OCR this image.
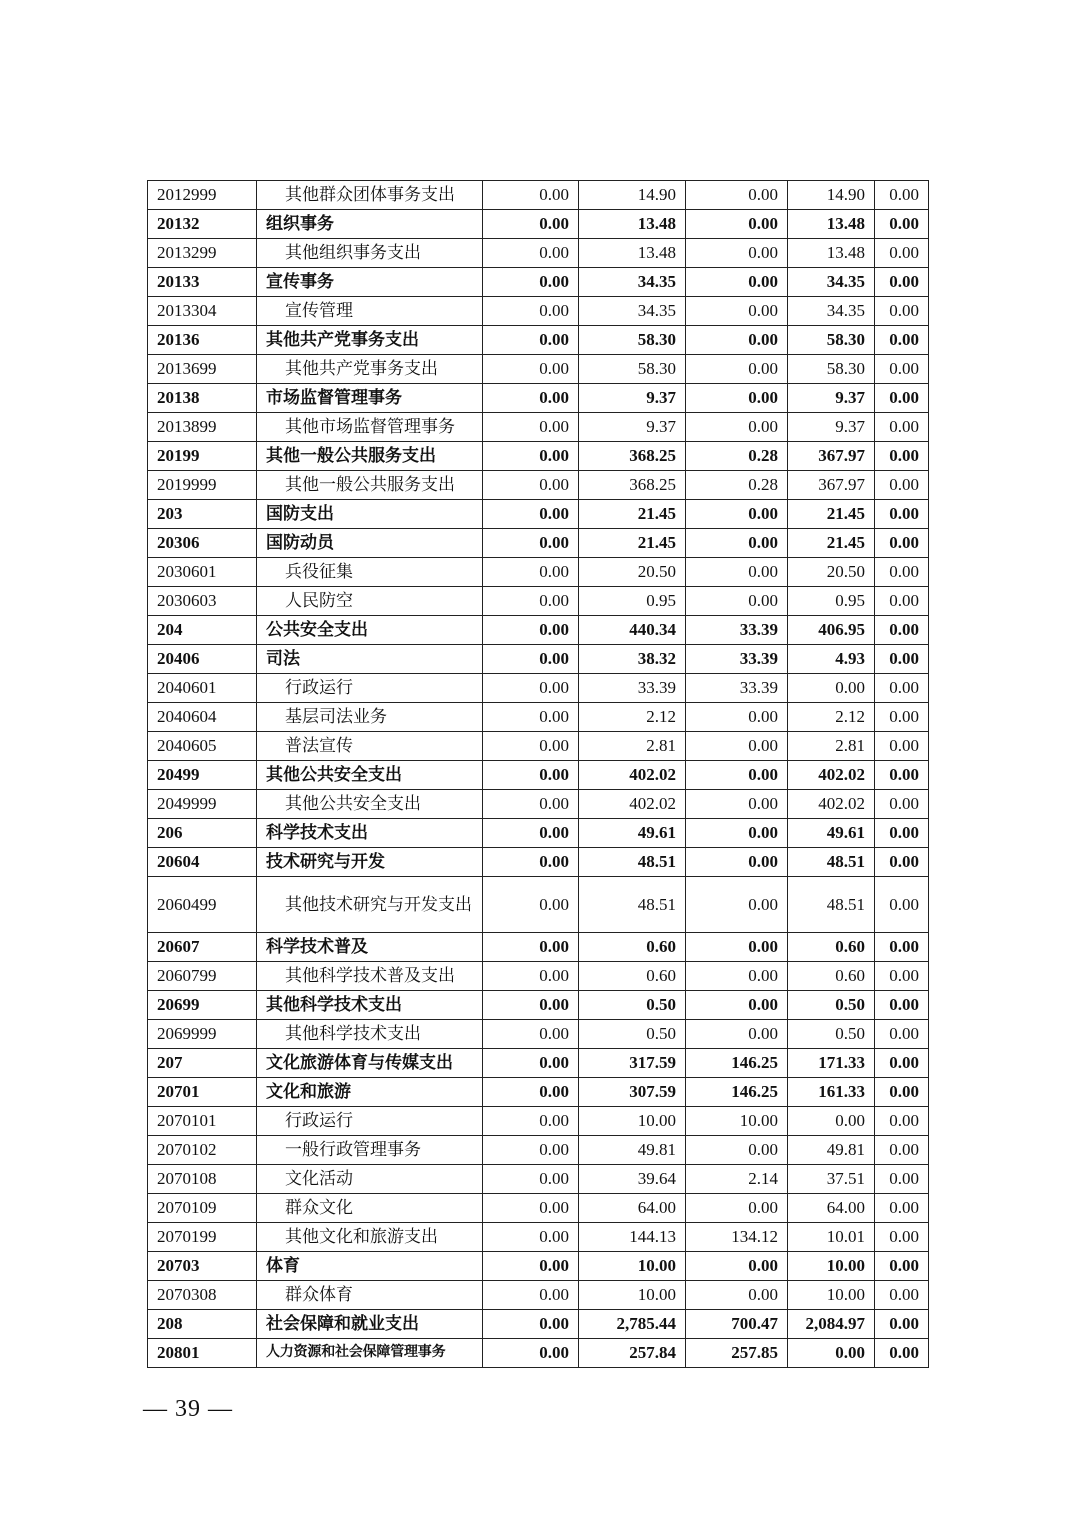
2012999	其他群众团体事务支出	0.00	14.90	0.00	14.90	0.00
20132	组织事务	0.00	13.48	0.00	13.48	0.00
2013299	其他组织事务支出	0.00	13.48	0.00	13.48	0.00
20133	宣传事务	0.00	34.35	0.00	34.35	0.00
2013304	宣传管理	0.00	34.35	0.00	34.35	0.00
20136	其他共产党事务支出	0.00	58.30	0.00	58.30	0.00
2013699	其他共产党事务支出	0.00	58.30	0.00	58.30	0.00
20138	市场监督管理事务	0.00	9.37	0.00	9.37	0.00
2013899	其他市场监督管理事务	0.00	9.37	0.00	9.37	0.00
20199	其他一般公共服务支出	0.00	368.25	0.28	367.97	0.00
2019999	其他一般公共服务支出	0.00	368.25	0.28	367.97	0.00
203	国防支出	0.00	21.45	0.00	21.45	0.00
20306	国防动员	0.00	21.45	0.00	21.45	0.00
2030601	兵役征集	0.00	20.50	0.00	20.50	0.00
2030603	人民防空	0.00	0.95	0.00	0.95	0.00
204	公共安全支出	0.00	440.34	33.39	406.95	0.00
20406	司法	0.00	38.32	33.39	4.93	0.00
2040601	行政运行	0.00	33.39	33.39	0.00	0.00
2040604	基层司法业务	0.00	2.12	0.00	2.12	0.00
2040605	普法宣传	0.00	2.81	0.00	2.81	0.00
20499	其他公共安全支出	0.00	402.02	0.00	402.02	0.00
2049999	其他公共安全支出	0.00	402.02	0.00	402.02	0.00
206	科学技术支出	0.00	49.61	0.00	49.61	0.00
20604	技术研究与开发	0.00	48.51	0.00	48.51	0.00
2060499	其他技术研究与开发支出	0.00	48.51	0.00	48.51	0.00
20607	科学技术普及	0.00	0.60	0.00	0.60	0.00
2060799	其他科学技术普及支出	0.00	0.60	0.00	0.60	0.00
20699	其他科学技术支出	0.00	0.50	0.00	0.50	0.00
2069999	其他科学技术支出	0.00	0.50	0.00	0.50	0.00
207	文化旅游体育与传媒支出	0.00	317.59	146.25	171.33	0.00
20701	文化和旅游	0.00	307.59	146.25	161.33	0.00
2070101	行政运行	0.00	10.00	10.00	0.00	0.00
2070102	一般行政管理事务	0.00	49.81	0.00	49.81	0.00
2070108	文化活动	0.00	39.64	2.14	37.51	0.00
2070109	群众文化	0.00	64.00	0.00	64.00	0.00
2070199	其他文化和旅游支出	0.00	144.13	134.12	10.01	0.00
20703	体育	0.00	10.00	0.00	10.00	0.00
2070308	群众体育	0.00	10.00	0.00	10.00	0.00
208	社会保障和就业支出	0.00	2,785.44	700.47	2,084.97	0.00
20801	人力资源和社会保障管理事务	0.00	257.84	257.85	0.00	0.00
— 39 —
